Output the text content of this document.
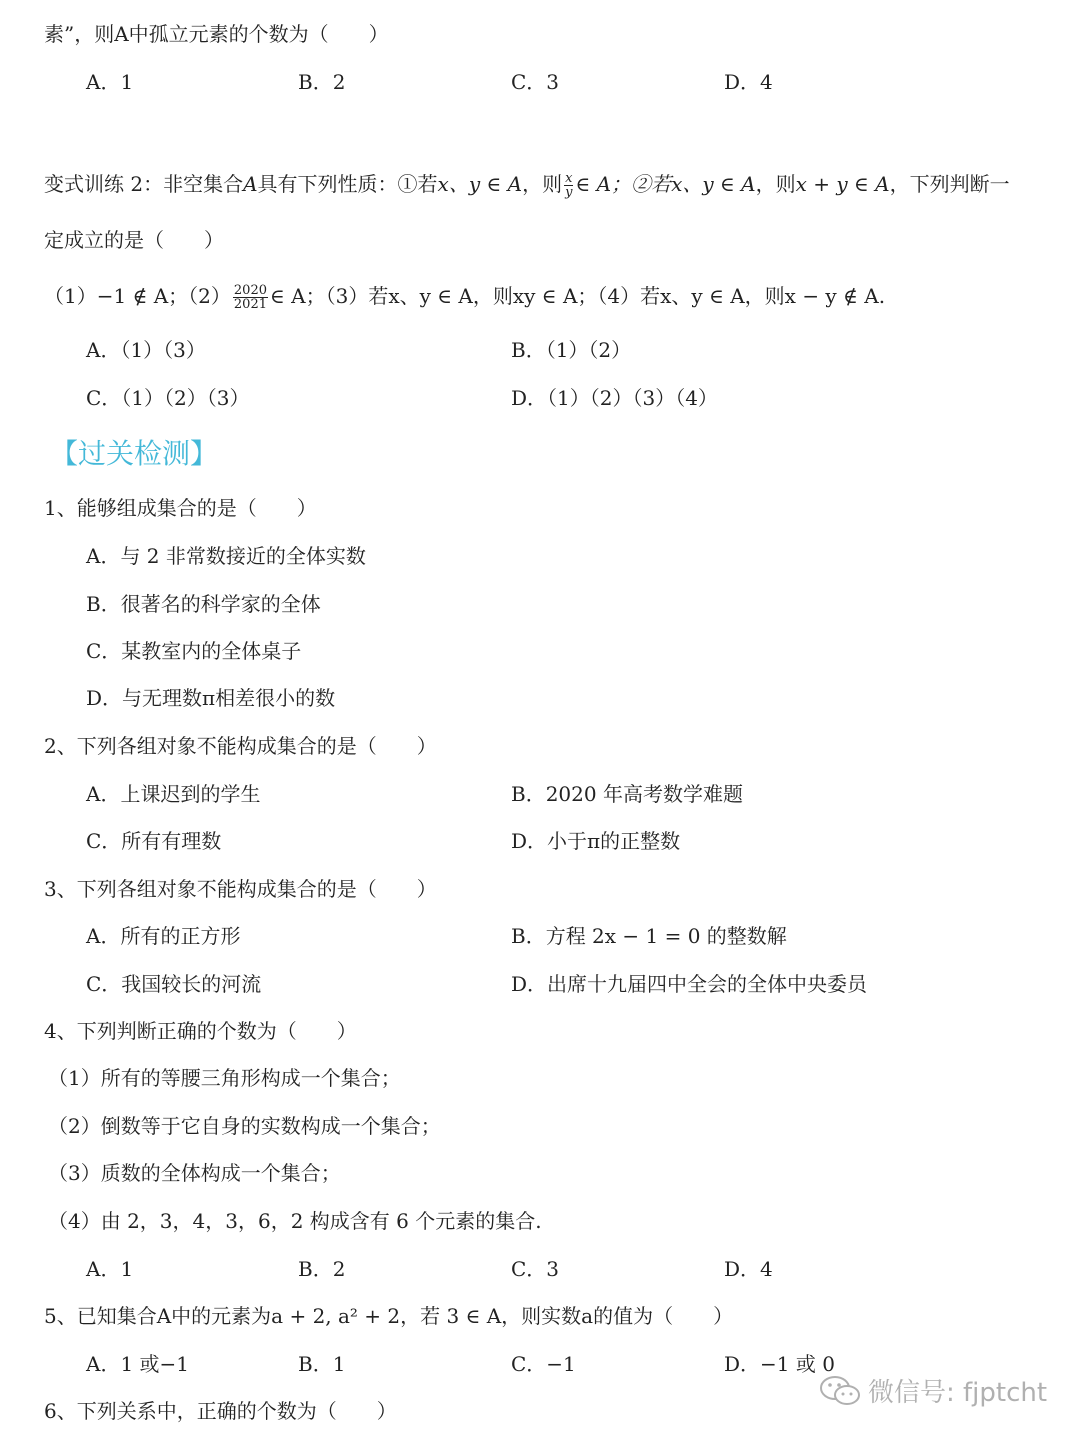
素”，则A中孤立元素的个数为（　　）
A．1	B．2	C．3	D．4
变式训练 2：非空集合A具有下列性质：①若x、y ∈ A，则 $\frac{x}{y}$ ∈ A；②若x、y ∈ A，则x + y ∈ A，下列判断一
定成立的是（　　）
（1）−1 ∉ A；$(2) \frac{2020}{2021}$ ∈ A；（3）若x、y ∈ A，则xy ∈ A；（4）若x、y ∈ A，则x − y ∉ A.
A．（1）（3）	B．（1）（2）
C．（1）（2）（3）	D．（1）（2）（3）（4）
【过关检测】
1、能够组成集合的是（　　）
A．与 2 非常数接近的全体实数
B．很著名的科学家的全体
C．某教室内的全体桌子
D．与无理数π相差很小的数
2、下列各组对象不能构成集合的是（　　）
A．上课迟到的学生	B．2020 年高考数学难题
C．所有有理数	D．小于π的正整数
3、下列各组对象不能构成集合的是（　　）
A．所有的正方形	B．方程 2x − 1 = 0 的整数解
C．我国较长的河流	D．出席十九届四中全会的全体中央委员
4、下列判断正确的个数为（　　）
（1）所有的等腰三角形构成一个集合；
（2）倒数等于它自身的实数构成一个集合；
（3）质数的全体构成一个集合；
（4）由 2，3，4，3，6，2 构成含有 6 个元素的集合.
A．1	B．2	C．3	D．4
5、已知集合A中的元素为a + 2, a² + 2，若 3 ∈ A，则实数a的值为（　　）
A．1 或−1	B．1	C．−1	D．−1 或 0
6、下列关系中，正确的个数为（　　）
微信号: fjptcht
